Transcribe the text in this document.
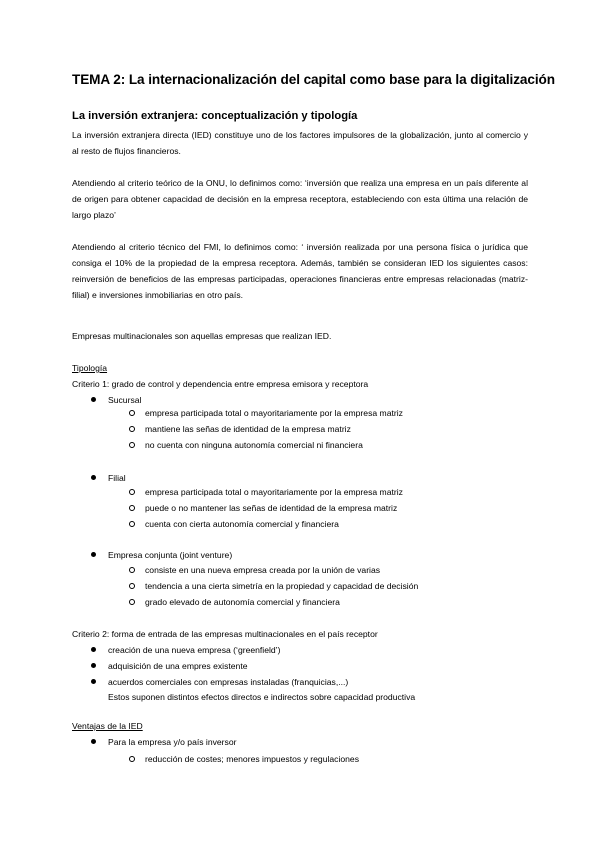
TEMA 2: La internacionalización del capital como base para la digitalización
La inversión extranjera: conceptualización y tipología
La inversión extranjera directa (IED) constituye uno de los factores impulsores de la globalización, junto al comercio y al resto de flujos financieros.
Atendiendo al criterio teórico de la ONU, lo definimos como: ‘inversión que realiza una empresa en un país diferente al de origen para obtener capacidad de decisión en la empresa receptora, estableciendo con esta última una relación de largo plazo’
Atendiendo al criterio técnico del FMI, lo definimos como: ‘ inversión realizada por una persona física o jurídica que consiga el 10% de la propiedad de la empresa receptora. Además, también se consideran IED los siguientes casos: reinversión de beneficios de las empresas participadas, operaciones financieras entre empresas relacionadas (matriz-filial) e inversiones inmobiliarias en otro país.
Empresas multinacionales son aquellas empresas que realizan IED.
Tipología
Criterio 1: grado de control y dependencia entre empresa emisora y receptora
Sucursal
empresa participada total o mayoritariamente por la empresa matriz
mantiene las señas de identidad de la empresa matriz
no cuenta con ninguna autonomía comercial ni financiera
Filial
empresa participada total o mayoritariamente por la empresa matriz
puede o no mantener las señas de identidad de la empresa matriz
cuenta con cierta autonomía comercial y financiera
Empresa conjunta (joint venture)
consiste en una nueva empresa creada por la unión de varias
tendencia a una cierta simetría en la propiedad y capacidad de decisión
grado elevado de autonomía comercial y financiera
Criterio 2: forma de entrada de las empresas multinacionales en el país receptor
creación de una nueva empresa (‘greenfield’)
adquisición de una empres existente
acuerdos comerciales con empresas instaladas (franquicias,...)
Estos suponen distintos efectos directos e indirectos sobre capacidad productiva
Ventajas de la IED
Para la empresa y/o país inversor
reducción de costes; menores impuestos y regulaciones
